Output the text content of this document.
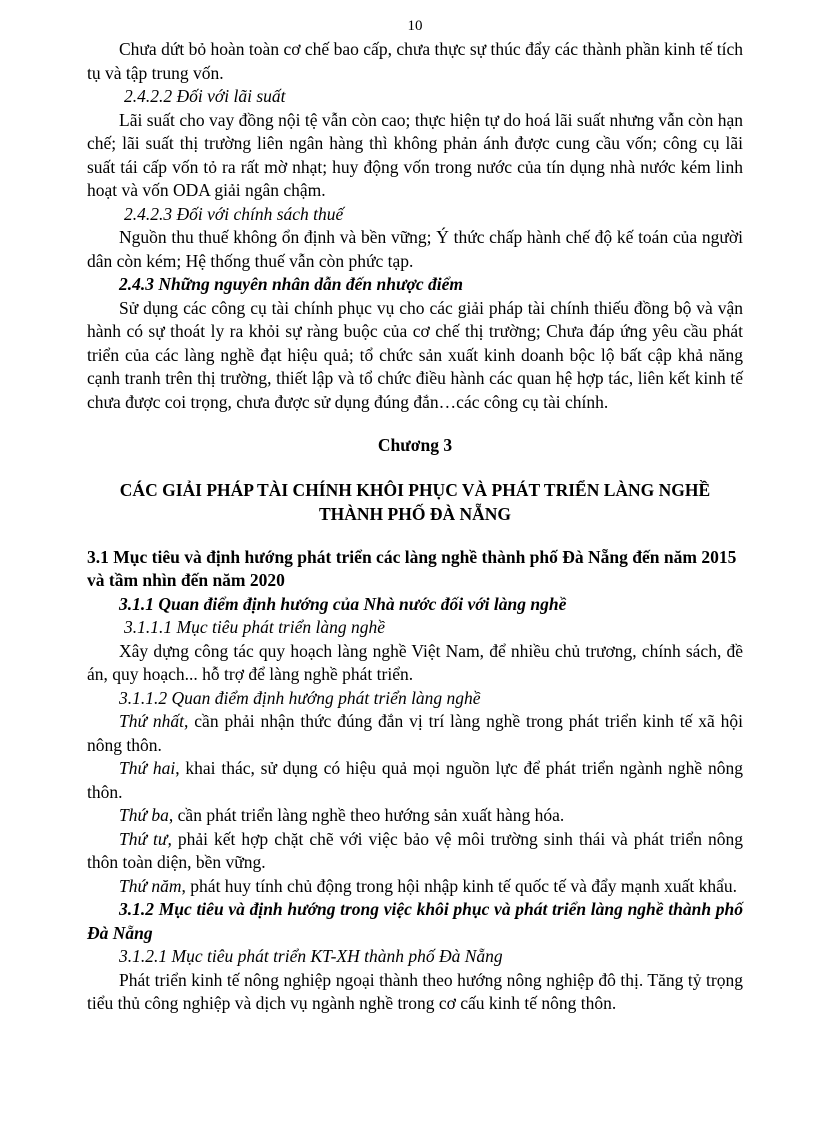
10

Chưa dứt bỏ hoàn toàn cơ chế bao cấp, chưa thực sự thúc đẩy các thành phần kinh tế tích tụ và tập trung vốn.

2.4.2.2 Đối với lãi suất

Lãi suất cho vay đồng nội tệ vẫn còn cao; thực hiện tự do hoá lãi suất nhưng vẫn còn hạn chế; lãi suất thị trường liên ngân hàng thì không phản ánh được cung cầu vốn; công cụ lãi suất tái cấp vốn tỏ ra rất mờ nhạt; huy động vốn trong nước của tín dụng nhà nước kém linh hoạt và vốn ODA giải ngân chậm.

2.4.2.3 Đối với chính sách thuế

Nguồn thu thuế không ổn định và bền vững; Ý thức chấp hành chế độ kế toán của người dân còn kém; Hệ thống thuế vẫn còn phức tạp.

2.4.3 Những nguyên nhân dẫn đến nhược điểm

Sử dụng các công cụ tài chính phục vụ cho các giải pháp tài chính thiếu đồng bộ và vận hành có sự thoát ly ra khỏi sự ràng buộc của cơ chế thị trường; Chưa đáp ứng yêu cầu phát triển của các làng nghề đạt hiệu quả; tổ chức sản xuất kinh doanh bộc lộ bất cập khả năng cạnh tranh trên thị trường, thiết lập và tổ chức điều hành các quan hệ hợp tác, liên kết kinh tế chưa được coi trọng, chưa được sử dụng đúng đắn…các công cụ tài chính.

Chương 3

CÁC GIẢI PHÁP TÀI CHÍNH KHÔI PHỤC VÀ PHÁT TRIỂN LÀNG NGHỀ
THÀNH PHỐ ĐÀ NẴNG

3.1 Mục tiêu và định hướng phát triển các làng nghề thành phố Đà Nẵng đến năm 2015 và tầm nhìn đến năm 2020

3.1.1 Quan điểm định hướng của Nhà nước đối với làng nghề

3.1.1.1 Mục tiêu phát triển làng nghề

Xây dựng công tác quy hoạch làng nghề Việt Nam, để nhiều chủ trương, chính sách, đề án, quy hoạch... hỗ trợ để làng nghề phát triển.

3.1.1.2 Quan điểm định hướng phát triển làng nghề

Thứ nhất, cần phải nhận thức đúng đắn vị trí làng nghề trong phát triển kinh tế xã hội nông thôn.

Thứ hai, khai thác, sử dụng có hiệu quả mọi nguồn lực để phát triển ngành nghề nông thôn.

Thứ ba, cần phát triển làng nghề theo hướng sản xuất hàng hóa.

Thứ tư, phải kết hợp chặt chẽ với việc bảo vệ môi trường sinh thái và phát triển nông thôn toàn diện, bền vững.

Thứ năm, phát huy tính chủ động trong hội nhập kinh tế quốc tế và đẩy mạnh xuất khẩu.

3.1.2 Mục tiêu và định hướng trong việc khôi phục và phát triển làng nghề thành phố Đà Nẵng

3.1.2.1 Mục tiêu phát triển KT-XH thành phố Đà Nẵng

Phát triển kinh tế nông nghiệp ngoại thành theo hướng nông nghiệp đô thị. Tăng tỷ trọng tiểu thủ công nghiệp và dịch vụ ngành nghề trong cơ cấu kinh tế nông thôn.
